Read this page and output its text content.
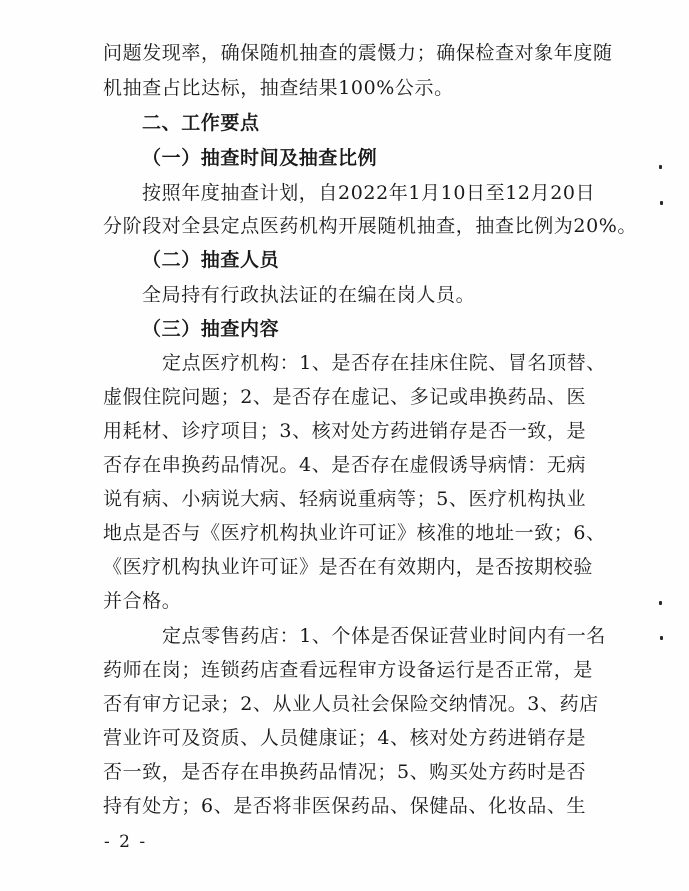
问题发现率，确保随机抽查的震慑力；确保检查对象年度随
机抽查占比达标，抽查结果100%公示。
二、工作要点
（一）抽查时间及抽查比例
按照年度抽查计划，自2022年1月10日至12月20日
分阶段对全县定点医药机构开展随机抽查，抽查比例为20%。
（二）抽查人员
全局持有行政执法证的在编在岗人员。
（三）抽查内容
定点医疗机构：1、是否存在挂床住院、冒名顶替、
虚假住院问题；2、是否存在虚记、多记或串换药品、医
用耗材、诊疗项目；3、核对处方药进销存是否一致，是
否存在串换药品情况。4、是否存在虚假诱导病情：无病
说有病、小病说大病、轻病说重病等；5、医疗机构执业
地点是否与《医疗机构执业许可证》核准的地址一致；6、
《医疗机构执业许可证》是否在有效期内，是否按期校验
并合格。
定点零售药店：1、个体是否保证营业时间内有一名
药师在岗；连锁药店查看远程审方设备运行是否正常，是
否有审方记录；2、从业人员社会保险交纳情况。3、药店
营业许可及资质、人员健康证；4、核对处方药进销存是
否一致，是否存在串换药品情况；5、购买处方药时是否
持有处方；6、是否将非医保药品、保健品、化妆品、生
- 2 -
